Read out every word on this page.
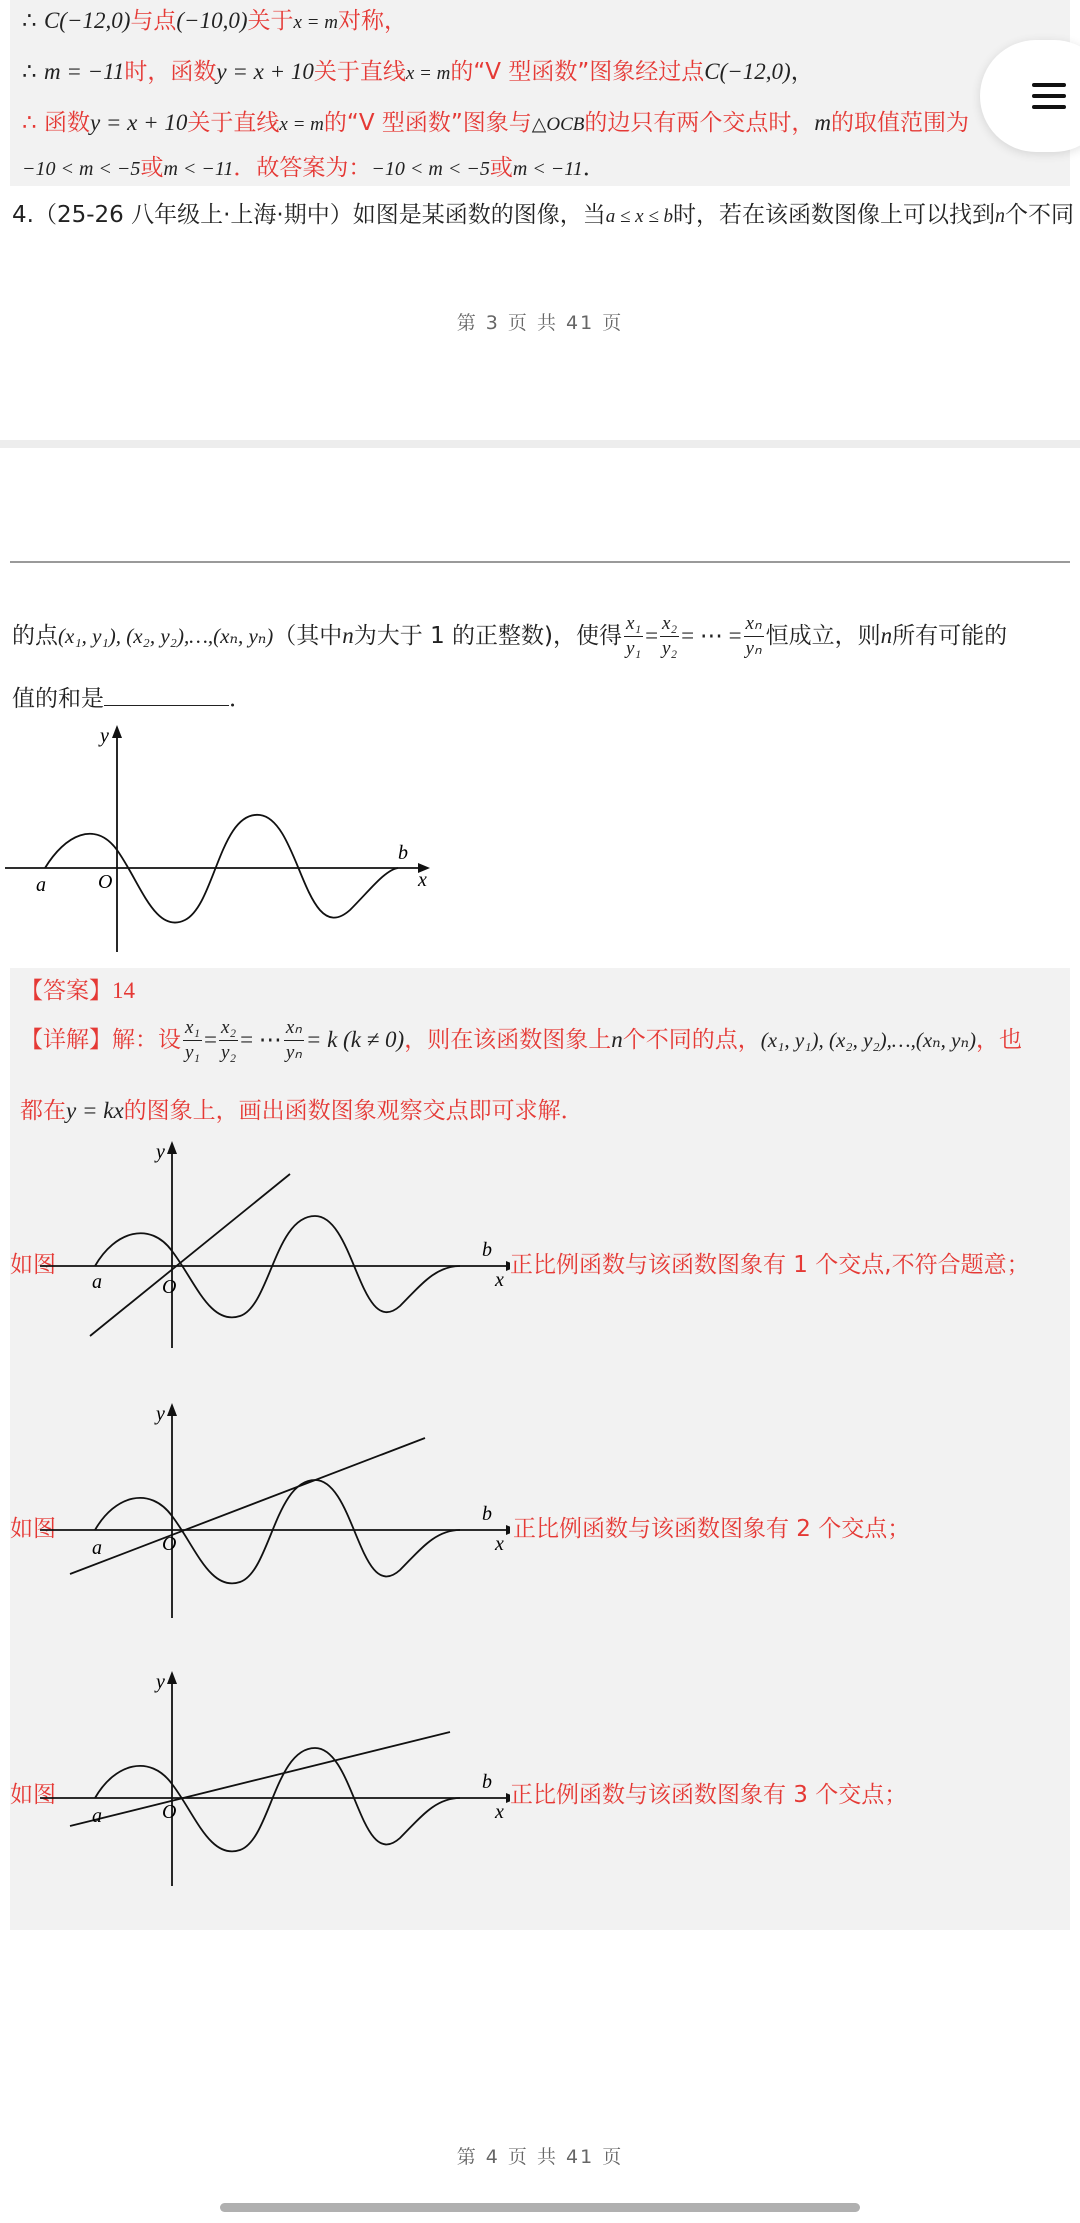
∴ C(−12,0)与点(−10,0)关于x = m对称，
∴ m = −11时，函数y = x + 10关于直线x = m的“V 型函数”图象经过点C(−12,0)，
∴ 函数y = x + 10关于直线x = m的“V 型函数”图象与△OCB的边只有两个交点时，m的取值范围为
−10 < m < −5或m < −11．故答案为：−10 < m < −5或m < −11．
4.（25-26 八年级上·上海·期中）如图是某函数的图像，当a ≤ x ≤ b时，若在该函数图像上可以找到n个不同
第 3 页 共 41 页
的点(x₁, y₁), (x₂, y₂),…,(xₙ, yₙ)（其中n为大于 1 的正整数)，使得 $\frac{\text{x₁}}{\text{y₁}} = \frac{\text{x₂}}{\text{y₂}}$ = ⋯ = $\frac{\text{xₙ}}{\text{yₙ}}$ 恒成立，则n所有可能的
值的和是	．
y
x
a
b
O
【答案】14
【详解】解：设 $\frac{\text{x₁}}{\text{y₁}} = \frac{\text{x₂}}{\text{y₂}}$ = ⋯ $\frac{\text{xₙ}}{\text{yₙ}} = k$ (k ≠ 0)，则在该函数图象上n个不同的点，(x₁, y₁), (x₂, y₂),…,(xₙ, yₙ)，也
都在y = kx的图象上，画出函数图象观察交点即可求解．
如图
y
x
a
b
O
正比例函数与该函数图象有 1 个交点,不符合题意；
如图
y
x
a
b
O
正比例函数与该函数图象有 2 个交点；
如图
y
x
a
b
O
正比例函数与该函数图象有 3 个交点；
第 4 页 共 41 页
